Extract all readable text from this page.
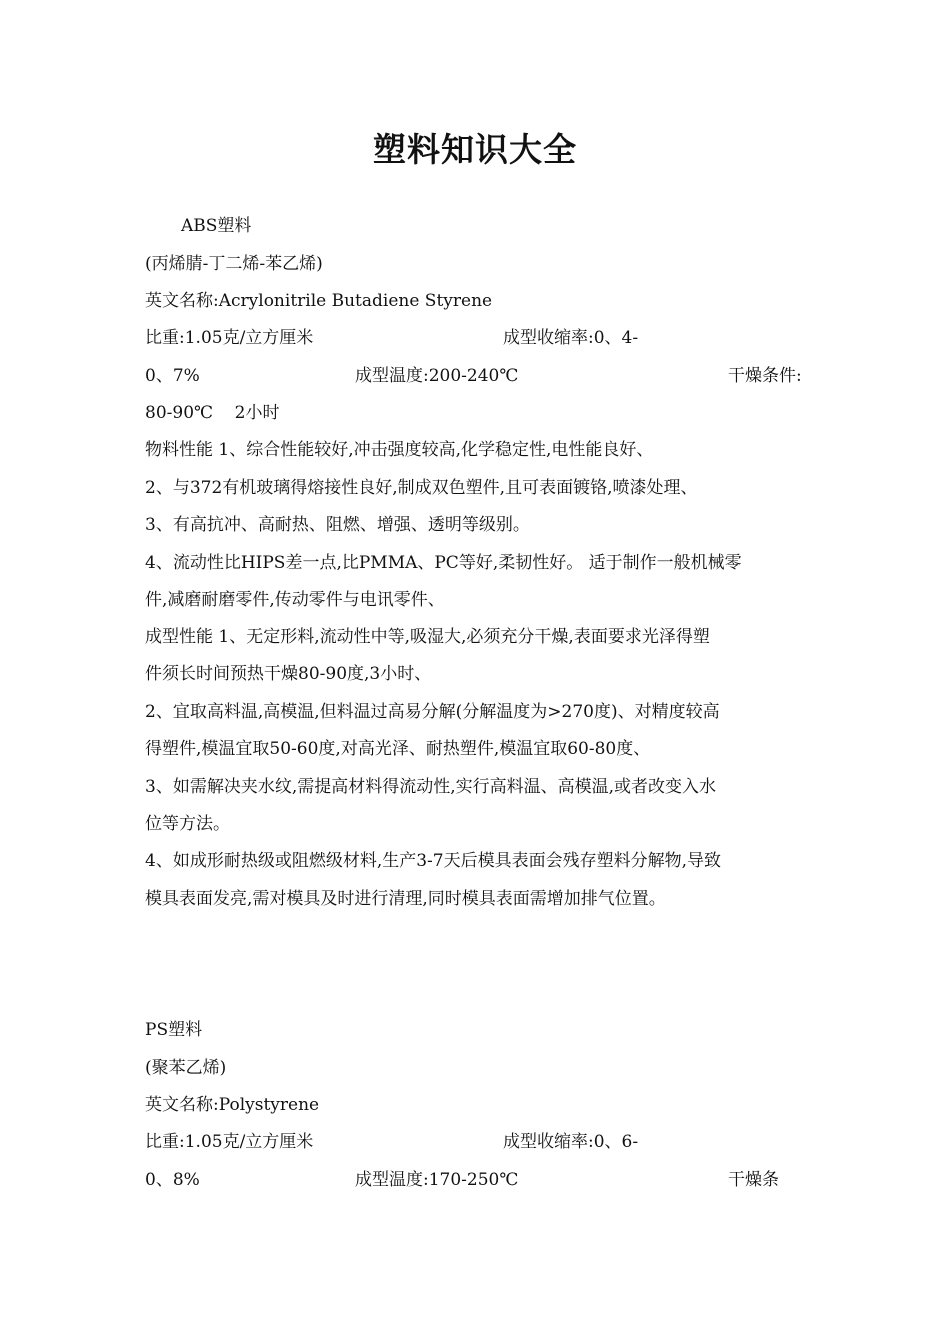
塑料知识大全
ABS塑料
(丙烯腈-丁二烯-苯乙烯)
英文名称:Acrylonitrile Butadiene Styrene
比重:1.05克/立方厘米	成型收缩率:0、4-
0、7%	成型温度:200-240℃	干燥条件:
80-90℃    2小时
物料性能 1、综合性能较好,冲击强度较高,化学稳定性,电性能良好、
2、与372有机玻璃得熔接性良好,制成双色塑件,且可表面镀铬,喷漆处理、
3、有高抗冲、高耐热、阻燃、增强、透明等级别。
4、流动性比HIPS差一点,比PMMA、PC等好,柔韧性好。 适于制作一般机械零
件,减磨耐磨零件,传动零件与电讯零件、
成型性能 1、无定形料,流动性中等,吸湿大,必须充分干燥,表面要求光泽得塑
件须长时间预热干燥80-90度,3小时、
2、宜取高料温,高模温,但料温过高易分解(分解温度为>270度)、对精度较高
得塑件,模温宜取50-60度,对高光泽、耐热塑件,模温宜取60-80度、
3、如需解决夹水纹,需提高材料得流动性,实行高料温、高模温,或者改变入水
位等方法。
4、如成形耐热级或阻燃级材料,生产3-7天后模具表面会残存塑料分解物,导致
模具表面发亮,需对模具及时进行清理,同时模具表面需增加排气位置。
PS塑料
(聚苯乙烯)
英文名称:Polystyrene
比重:1.05克/立方厘米	成型收缩率:0、6-
0、8%	成型温度:170-250℃	干燥条
